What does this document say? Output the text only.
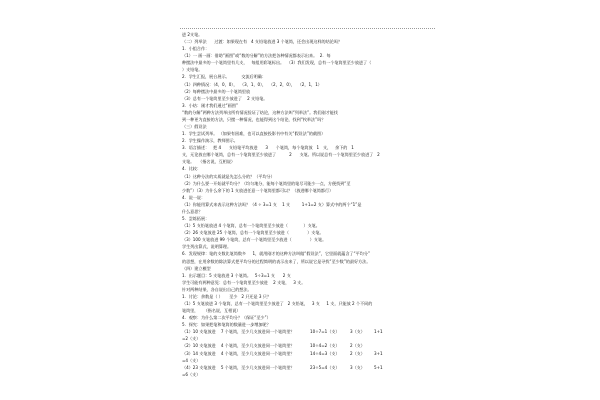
进 2支笔。
（二）列举法      过渡：如果现在有   4 支铅笔放进 3 个笔筒，还会出现这样的结论吗？
1．小组合作：
（1）一 画一画：借助“画图”或“数的分解”的方法把各种情况都表示出来。  2．每
种摆法中最多的一个笔筒里有几支，   每组用彩笔标出。  （3）我们发现，总有一个笔筒里至少放进了（
）支铅笔。
2．学生汇报，展台展示。         交流后明确：
（1）四种情况：（4，0，0），  （3，1，0），  （2，2，0），  （2，1，1）
（2）每种摆法中最多的一个笔筒里放
（3）总有一个笔筒里至少放进了    2 支铅笔。
3．小结：刚才我们通过“画图”
“数的分解”两种方法列举出所有情况验证了结论，这种方法叫“列举法”。我们刚才能找
到一种更为直接的方法，只摆一种情况，也能得到这个结论，找到“枚举法”吗？
（三）假设法
1．学生尝试列举。 （如果有困难，也可以直接投影书中有关“假设法”的截图）
2．学生操作演示，教师图示。
3．语言描述：   把 4      支铅笔平均放进      3      个笔筒，每个笔筒放   1   支，   余下的   1
支，无论放在哪个笔筒，总有一个笔筒里至少放进了          2      支笔。所以说总有一个笔筒里至少放进了   2
支笔。   （指名说，互相说）
4．比较：
（1）这种分法的实质就是先怎么分的？（平均分）
（2）为什么要一开始就平均分？（均匀地分，能每个笔筒里的笔尽可能少一点，方便找到“至
少数”）（3）为什么余下的 1 支放进任意一个笔筒里都可以？（放进哪个笔筒都行）
4．说一说：
（1）你能用算式来表示这种方法吗？（4 ÷ 3=1 支    1 支         1+1=2 支）算式中的两个“1”是
什么意思？
5．尝练拓展：
（1）5 支铅笔放进 4 个笔筒，总有一个笔筒里至少放进（            ）支笔。
（2）26 支笔放进 25 个笔筒，总有一个笔筒里至少放进（              ）支笔。
（3）100 支笔放进 99 个笔筒，总有一个笔筒里至少放进（              ）支笔。
学生列出算式，说明算理。
6．发现规律：笔的支数比笔筒数多     1，就用刚才的这种方法叫做“假设法”，它里面就蕴含了“平均分”
的思想，在用余数的除法算式把平均分的过程简明的表示出来了，所以说它是寻找“至少数”的最好方法。
（四）建立模型
1．出示题目：5 支笔放进 3 个笔筒。   5÷3=1 支      2 支
学生可能有两种意见：总有一个笔筒里至少放进    2 支笔，   3 支。
针对两种结果，各自说出自己的想法。
1．讨论：余数是（ ）     至少   2 只还是 3 只？
（1）5 支笔放进 3 个笔筒，总有一个笔筒里至少放进了   2 支铅笔，   3 支     1 支，只能放 2 个不同的
笔筒里，    （指名说，互相说）
4．观察：为什么第二次平均分？（保证“至少”）
5．探究：如果把笔和笔筒的数量进一步增加呢？
（1）10 支笔放进    7 个笔筒，至少几支放进同一个笔筒里？            10÷7=1（支）        3（支）       1+1
=2（支）
（2）10 支笔放进    4 个笔筒，至少几支放进同一个笔筒里？            10÷4=2（支）        2（支）
（3）14 支笔放进    4 个笔筒，至少几支放进同一个笔筒里？            14÷4=3（支）        2（支）       3+1
=4（支）
（4）23 支笔放进    5 个笔筒，至少几支放进同一个笔筒里？            23÷5=4（支）        3（支）       5+1
=6（支）
